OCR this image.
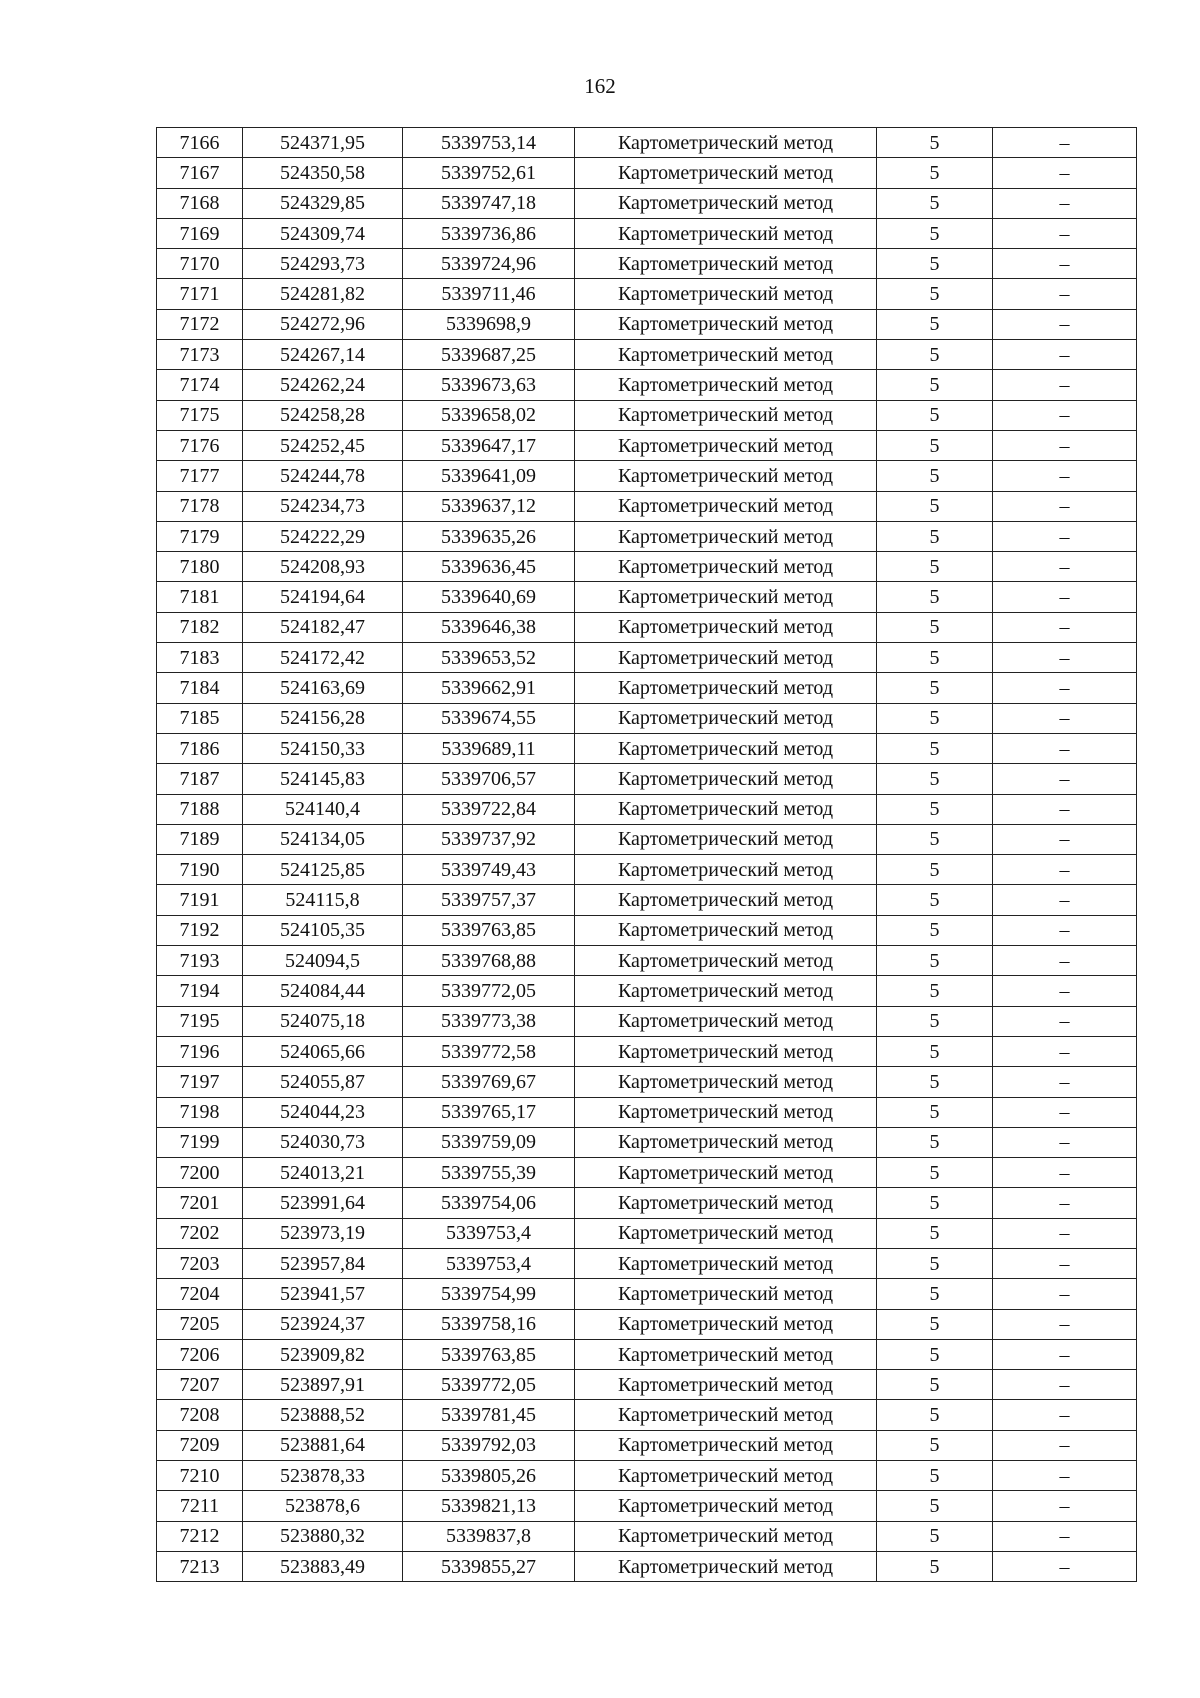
162
7166	524371,95	5339753,14	Картометрический метод	5	–
7167	524350,58	5339752,61	Картометрический метод	5	–
7168	524329,85	5339747,18	Картометрический метод	5	–
7169	524309,74	5339736,86	Картометрический метод	5	–
7170	524293,73	5339724,96	Картометрический метод	5	–
7171	524281,82	5339711,46	Картометрический метод	5	–
7172	524272,96	5339698,9	Картометрический метод	5	–
7173	524267,14	5339687,25	Картометрический метод	5	–
7174	524262,24	5339673,63	Картометрический метод	5	–
7175	524258,28	5339658,02	Картометрический метод	5	–
7176	524252,45	5339647,17	Картометрический метод	5	–
7177	524244,78	5339641,09	Картометрический метод	5	–
7178	524234,73	5339637,12	Картометрический метод	5	–
7179	524222,29	5339635,26	Картометрический метод	5	–
7180	524208,93	5339636,45	Картометрический метод	5	–
7181	524194,64	5339640,69	Картометрический метод	5	–
7182	524182,47	5339646,38	Картометрический метод	5	–
7183	524172,42	5339653,52	Картометрический метод	5	–
7184	524163,69	5339662,91	Картометрический метод	5	–
7185	524156,28	5339674,55	Картометрический метод	5	–
7186	524150,33	5339689,11	Картометрический метод	5	–
7187	524145,83	5339706,57	Картометрический метод	5	–
7188	524140,4	5339722,84	Картометрический метод	5	–
7189	524134,05	5339737,92	Картометрический метод	5	–
7190	524125,85	5339749,43	Картометрический метод	5	–
7191	524115,8	5339757,37	Картометрический метод	5	–
7192	524105,35	5339763,85	Картометрический метод	5	–
7193	524094,5	5339768,88	Картометрический метод	5	–
7194	524084,44	5339772,05	Картометрический метод	5	–
7195	524075,18	5339773,38	Картометрический метод	5	–
7196	524065,66	5339772,58	Картометрический метод	5	–
7197	524055,87	5339769,67	Картометрический метод	5	–
7198	524044,23	5339765,17	Картометрический метод	5	–
7199	524030,73	5339759,09	Картометрический метод	5	–
7200	524013,21	5339755,39	Картометрический метод	5	–
7201	523991,64	5339754,06	Картометрический метод	5	–
7202	523973,19	5339753,4	Картометрический метод	5	–
7203	523957,84	5339753,4	Картометрический метод	5	–
7204	523941,57	5339754,99	Картометрический метод	5	–
7205	523924,37	5339758,16	Картометрический метод	5	–
7206	523909,82	5339763,85	Картометрический метод	5	–
7207	523897,91	5339772,05	Картометрический метод	5	–
7208	523888,52	5339781,45	Картометрический метод	5	–
7209	523881,64	5339792,03	Картометрический метод	5	–
7210	523878,33	5339805,26	Картометрический метод	5	–
7211	523878,6	5339821,13	Картометрический метод	5	–
7212	523880,32	5339837,8	Картометрический метод	5	–
7213	523883,49	5339855,27	Картометрический метод	5	–
